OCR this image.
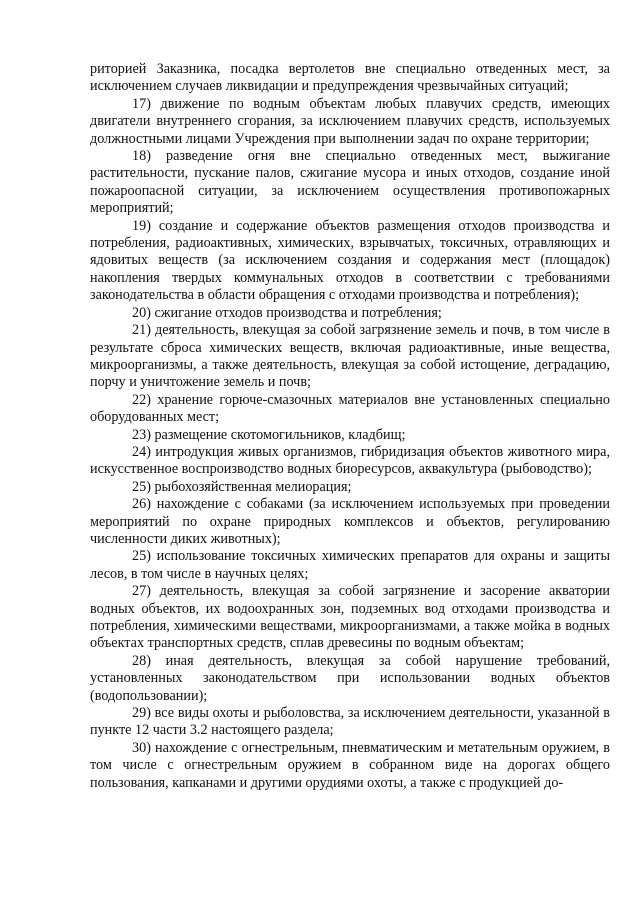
риторией Заказника, посадка вертолетов вне специально отведенных мест, за исключением случаев ликвидации и предупреждения чрезвычайных ситуаций;

17) движение по водным объектам любых плавучих средств, имеющих двигатели внутреннего сгорания, за исключением плавучих средств, используемых должностными лицами Учреждения при выполнении задач по охране территории;

18) разведение огня вне специально отведенных мест, выжигание растительности, пускание палов, сжигание мусора и иных отходов, создание иной пожароопасной ситуации, за исключением осуществления противопожарных мероприятий;

19) создание и содержание объектов размещения отходов производства и потребления, радиоактивных, химических, взрывчатых, токсичных, отравляющих и ядовитых веществ (за исключением создания и содержания мест (площадок) накопления твердых коммунальных отходов в соответствии с требованиями законодательства в области обращения с отходами производства и потребления);

20) сжигание отходов производства и потребления;

21) деятельность, влекущая за собой загрязнение земель и почв, в том числе в результате сброса химических веществ, включая радиоактивные, иные вещества, микроорганизмы, а также деятельность, влекущая за собой истощение, деградацию, порчу и уничтожение земель и почв;

22) хранение горюче-смазочных материалов вне установленных специально оборудованных мест;

23) размещение скотомогильников, кладбищ;

24) интродукция живых организмов, гибридизация объектов животного мира, искусственное воспроизводство водных биоресурсов, аквакультура (рыбоводство);

25) рыбохозяйственная мелиорация;

26) нахождение с собаками (за исключением используемых при проведении мероприятий по охране природных комплексов и объектов, регулированию численности диких животных);

25) использование токсичных химических препаратов для охраны и защиты лесов, в том числе в научных целях;

27) деятельность, влекущая за собой загрязнение и засорение акватории водных объектов, их водоохранных зон, подземных вод отходами производства и потребления, химическими веществами, микроорганизмами, а также мойка в водных объектах транспортных средств, сплав древесины по водным объектам;

28) иная деятельность, влекущая за собой нарушение требований, установленных законодательством при использовании водных объектов (водопользовании);

29) все виды охоты и рыболовства, за исключением деятельности, указанной в пункте 12 части 3.2 настоящего раздела;

30) нахождение с огнестрельным, пневматическим и метательным оружием, в том числе с огнестрельным оружием в собранном виде на дорогах общего пользования, капканами и другими орудиями охоты, а также с продукцией до-
